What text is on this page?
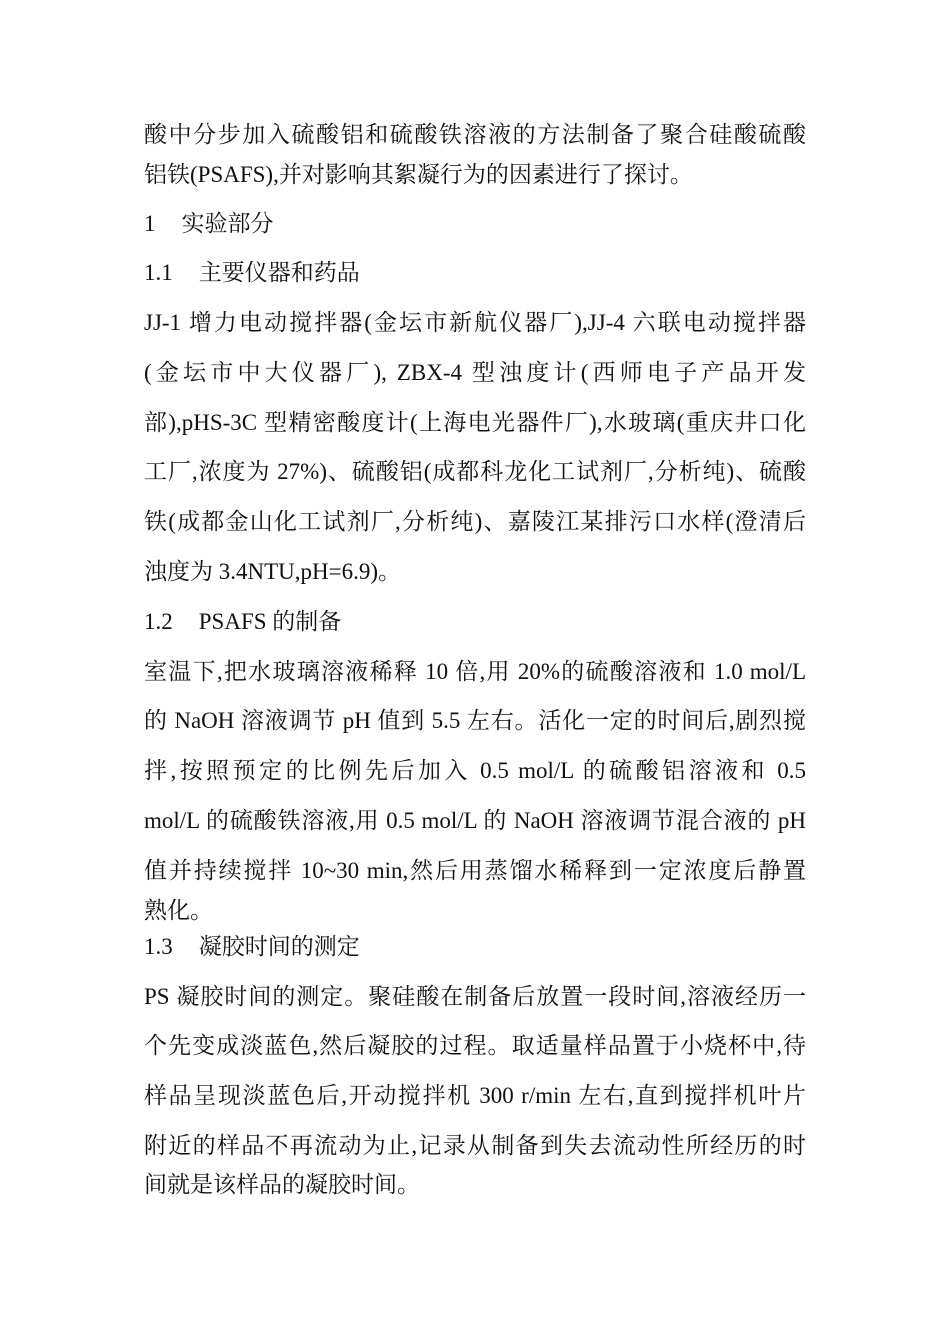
酸中分步加入硫酸铝和硫酸铁溶液的方法制备了聚合硅酸硫酸
铝铁(PSAFS),并对影响其絮凝行为的因素进行了探讨。
1 实验部分
1.1 主要仪器和药品
JJ-1 增力电动搅拌器(金坛市新航仪器厂),JJ-4 六联电动搅拌器
(金坛市中大仪器厂), ZBX-4 型浊度计(西师电子产品开发
部),pHS-3C 型精密酸度计(上海电光器件厂),水玻璃(重庆井口化
工厂,浓度为 27%)、硫酸铝(成都科龙化工试剂厂,分析纯)、硫酸
铁(成都金山化工试剂厂,分析纯)、嘉陵江某排污口水样(澄清后
浊度为 3.4NTU,pH=6.9)。
1.2 PSAFS 的制备
室温下,把水玻璃溶液稀释 10 倍,用 20%的硫酸溶液和 1.0 mol/L
的 NaOH 溶液调节 pH 值到 5.5 左右。活化一定的时间后,剧烈搅
拌,按照预定的比例先后加入 0.5 mol/L 的硫酸铝溶液和 0.5
mol/L 的硫酸铁溶液,用 0.5 mol/L 的 NaOH 溶液调节混合液的 pH
值并持续搅拌 10~30 min,然后用蒸馏水稀释到一定浓度后静置
熟化。
1.3 凝胶时间的测定
PS 凝胶时间的测定。聚硅酸在制备后放置一段时间,溶液经历一
个先变成淡蓝色,然后凝胶的过程。取适量样品置于小烧杯中,待
样品呈现淡蓝色后,开动搅拌机 300 r/min 左右,直到搅拌机叶片
附近的样品不再流动为止,记录从制备到失去流动性所经历的时
间就是该样品的凝胶时间。
